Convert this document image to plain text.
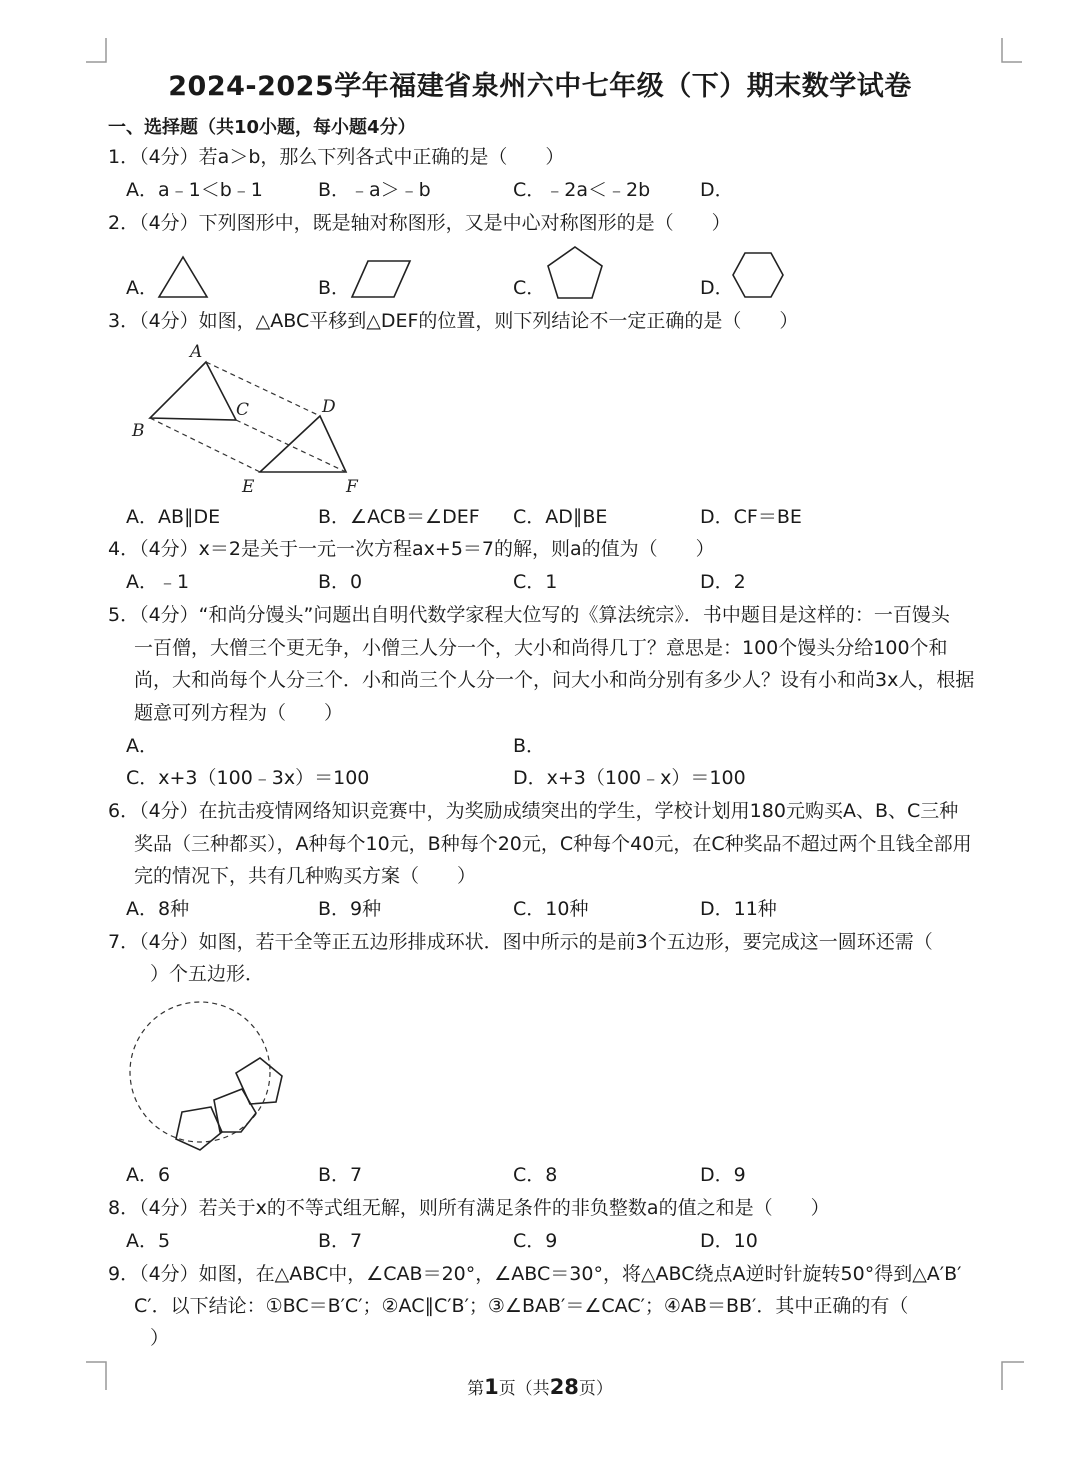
2024-2025学年福建省泉州六中七年级（下）期末数学试卷
一、选择题（共10小题，每小题4分）
1．（4分）若a＞b，那么下列各式中正确的是（　　）
A．a﹣1＜b﹣1	B．﹣a＞﹣b	C．﹣2a＜﹣2b	D．
2．（4分）下列图形中，既是轴对称图形，又是中心对称图形的是（　　）
A．	B．	C．	D．
3．（4分）如图，△ABC平移到△DEF的位置，则下列结论不一定正确的是（　　）
A
B
C	D
E	F
A．AB∥DE	B．∠ACB＝∠DEF C．AD∥BE	D．CF＝BE
4．（4分）x＝2是关于一元一次方程ax+5＝7的解，则a的值为（　　）
A．﹣1	B．0	C．1	D．2
5．（4分）“和尚分馒头”问题出自明代数学家程大位写的《算法统宗》．书中题目是这样的：一百馒头
一百僧，大僧三个更无争，小僧三人分一个，大小和尚得几丁？意思是：100个馒头分给100个和
尚，大和尚每个人分三个．小和尚三个人分一个，问大小和尚分别有多少人？设有小和尚3x人，根据
题意可列方程为（　　）
A．	B．
C．x+3（100﹣3x）＝100	D．x+3（100﹣x）＝100
6．（4分）在抗击疫情网络知识竞赛中，为奖励成绩突出的学生，学校计划用180元购买A、B、C三种
奖品（三种都买），A种每个10元，B种每个20元，C种每个40元，在C种奖品不超过两个且钱全部用
完的情况下，共有几种购买方案（　　）
A．8种	B．9种	C．10种	D．11种
7．（4分）如图，若干全等正五边形排成环状．图中所示的是前3个五边形，要完成这一圆环还需（
）个五边形．
A．6	B．7	C．8	D．9
8．（4分）若关于x的不等式组无解，则所有满足条件的非负整数a的值之和是（　　）
A．5	B．7	C．9	D．10
9．（4分）如图，在△ABC中，∠CAB＝20°，∠ABC＝30°，将△ABC绕点A逆时针旋转50°得到△A′B′
C′．以下结论：①BC＝B′C′；②AC∥C′B′；③∠BAB′＝∠CAC′；④AB＝BB′．其中正确的有（
）
第1页（共28页）
